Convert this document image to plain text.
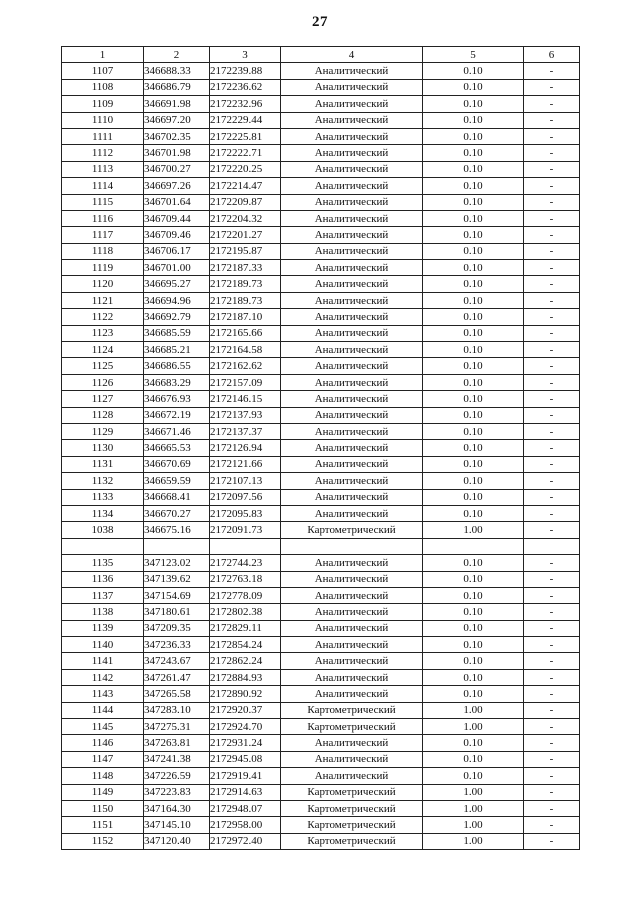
27
1	2	3	4	5	6
1107	346688.33	2172239.88	Аналитический	0.10	-
1108	346686.79	2172236.62	Аналитический	0.10	-
1109	346691.98	2172232.96	Аналитический	0.10	-
1110	346697.20	2172229.44	Аналитический	0.10	-
1111	346702.35	2172225.81	Аналитический	0.10	-
1112	346701.98	2172222.71	Аналитический	0.10	-
1113	346700.27	2172220.25	Аналитический	0.10	-
1114	346697.26	2172214.47	Аналитический	0.10	-
1115	346701.64	2172209.87	Аналитический	0.10	-
1116	346709.44	2172204.32	Аналитический	0.10	-
1117	346709.46	2172201.27	Аналитический	0.10	-
1118	346706.17	2172195.87	Аналитический	0.10	-
1119	346701.00	2172187.33	Аналитический	0.10	-
1120	346695.27	2172189.73	Аналитический	0.10	-
1121	346694.96	2172189.73	Аналитический	0.10	-
1122	346692.79	2172187.10	Аналитический	0.10	-
1123	346685.59	2172165.66	Аналитический	0.10	-
1124	346685.21	2172164.58	Аналитический	0.10	-
1125	346686.55	2172162.62	Аналитический	0.10	-
1126	346683.29	2172157.09	Аналитический	0.10	-
1127	346676.93	2172146.15	Аналитический	0.10	-
1128	346672.19	2172137.93	Аналитический	0.10	-
1129	346671.46	2172137.37	Аналитический	0.10	-
1130	346665.53	2172126.94	Аналитический	0.10	-
1131	346670.69	2172121.66	Аналитический	0.10	-
1132	346659.59	2172107.13	Аналитический	0.10	-
1133	346668.41	2172097.56	Аналитический	0.10	-
1134	346670.27	2172095.83	Аналитический	0.10	-
1038	346675.16	2172091.73	Картометрический	1.00	-

1135	347123.02	2172744.23	Аналитический	0.10	-
1136	347139.62	2172763.18	Аналитический	0.10	-
1137	347154.69	2172778.09	Аналитический	0.10	-
1138	347180.61	2172802.38	Аналитический	0.10	-
1139	347209.35	2172829.11	Аналитический	0.10	-
1140	347236.33	2172854.24	Аналитический	0.10	-
1141	347243.67	2172862.24	Аналитический	0.10	-
1142	347261.47	2172884.93	Аналитический	0.10	-
1143	347265.58	2172890.92	Аналитический	0.10	-
1144	347283.10	2172920.37	Картометрический	1.00	-
1145	347275.31	2172924.70	Картометрический	1.00	-
1146	347263.81	2172931.24	Аналитический	0.10	-
1147	347241.38	2172945.08	Аналитический	0.10	-
1148	347226.59	2172919.41	Аналитический	0.10	-
1149	347223.83	2172914.63	Картометрический	1.00	-
1150	347164.30	2172948.07	Картометрический	1.00	-
1151	347145.10	2172958.00	Картометрический	1.00	-
1152	347120.40	2172972.40	Картометрический	1.00	-
